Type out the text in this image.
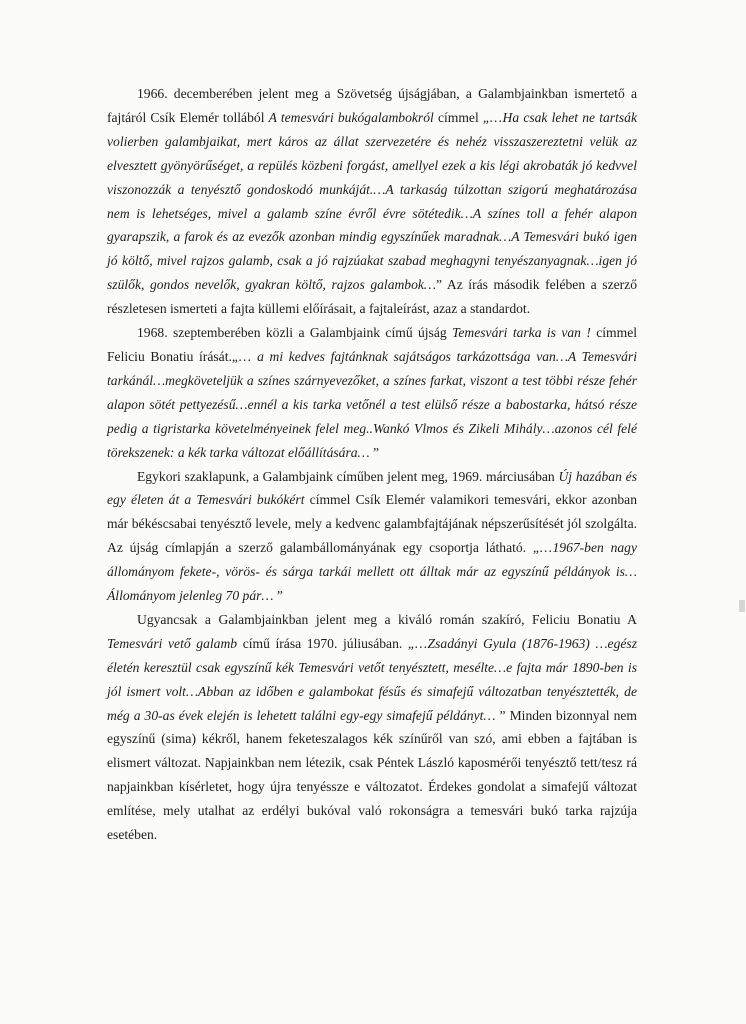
1966. decemberében jelent meg a Szövetség újságjában, a Galambjainkban ismertető a fajtáról Csík Elemér tollából A temesvári bukógalambokról címmel „…Ha csak lehet ne tartsák volierben galambjaikat, mert káros az állat szervezetére és nehéz visszaszereztetni velük az elvesztett gyönyörűséget, a repülés közbeni forgást, amellyel ezek a kis légi akrobaták jó kedvvel viszonozzák a tenyésztő gondoskodó munkáját.…A tarkaság túlzottan szigorú meghatározása nem is lehetséges, mivel a galamb színe évről évre sötétedik…A színes toll a fehér alapon gyarapszik, a farok és az evezők azonban mindig egyszínűek maradnak…A Temesvári bukó igen jó költő, mivel rajzos galamb, csak a jó rajzúakat szabad meghagyni tenyészanyagnak…igen jó szülők, gondos nevelők, gyakran költő, rajzos galambok…” Az írás második felében a szerző részletesen ismerteti a fajta küllemi előírásait, a fajtaleírást, azaz a standardot.

1968. szeptemberében közli a Galambjaink című újság Temesvári tarka is van ! címmel Feliciu Bonatiu írását.„… a mi kedves fajtánknak sajátságos tarkázottsága van…A Temesvári tarkánál…megköveteljük a színes szárnyevezőket, a színes farkat, viszont a test többi része fehér alapon sötét pettyezésű…ennél a kis tarka vetőnél a test elülső része a babostarka, hátsó része pedig a tigristarka követelményeinek felel meg..Wankó Vlmos és Zikeli Mihály…azonos cél felé törekszenek: a kék tarka változat előállítására… ”

Egykori szaklapunk, a Galambjaink címűben jelent meg, 1969. márciusában Új hazában és egy életen át a Temesvári bukókért címmel Csík Elemér valamikori temesvári, ekkor azonban már békéscsabai tenyésztő levele, mely a kedvenc galambfajtájának népszerűsítését jól szolgálta. Az újság címlapján a szerző galambállományának egy csoportja látható. „…1967-ben nagy állományom fekete-, vörös- és sárga tarkái mellett ott álltak már az egyszínű példányok is…Állományom jelenleg 70 pár… ”

Ugyancsak a Galambjainkban jelent meg a kiváló román szakíró, Feliciu Bonatiu A Temesvári vető galamb című írása 1970. júliusában. „…Zsadányi Gyula (1876-1963) …egész életén keresztül csak egyszínű kék Temesvári vetőt tenyésztett, mesélte…e fajta már 1890-ben is jól ismert volt…Abban az időben e galambokat fésűs és simafejű változatban tenyésztették, de még a 30-as évek elején is lehetett találni egy-egy simafejű példányt… ” Minden bizonnyal nem egyszínű (sima) kékről, hanem feketeszalagos kék színűről van szó, ami ebben a fajtában is elismert változat. Napjainkban nem létezik, csak Péntek László kaposmérői tenyésztő tett/tesz rá napjainkban kísérletet, hogy újra tenyéssze e változatot. Érdekes gondolat a simafejű változat említése, mely utalhat az erdélyi bukóval való rokonságra a temesvári bukó tarka rajzúja esetében.
